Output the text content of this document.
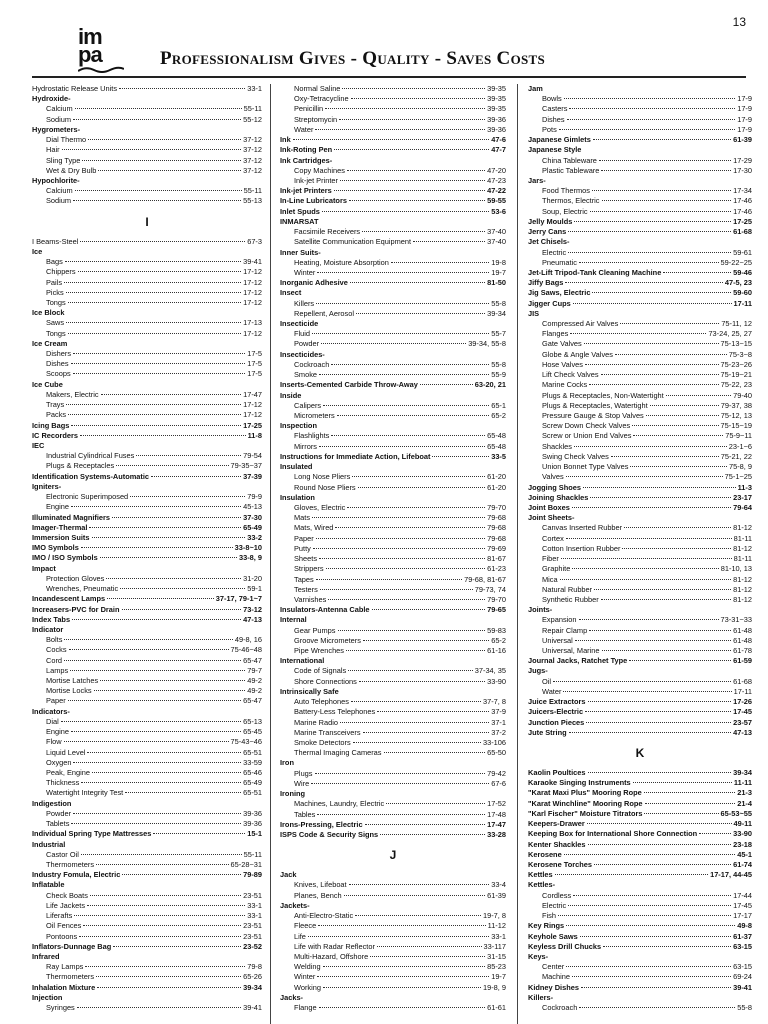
13
im
pa	Professionalism Gives - Quality - Saves Costs
Hydrostatic Release Units	33-1
Hydroxide-
Calcium	55-11
Sodium	55-12
Hygrometers-
Dial Thermo	37-12
Hair	37-12
Sling Type	37-12
Wet & Dry Bulb	37-12
Hypochlorite-
Calcium	55-11
Sodium	55-13
I
I Beams-Steel	67-3
Ice
Bags	39-41
Chippers	17-12
Pails	17-12
Picks	17-12
Tongs	17-12
Ice Block
Saws	17-13
Tongs	17-12
Ice Cream
Dishers	17-5
Dishes	17-5
Scoops	17-5
Ice Cube
Makers, Electric	17-47
Trays	17-12
Packs	17-12
Icing Bags	17-25
IC Recorders	11-8
IEC
Industrial Cylindrical Fuses	79-54
Plugs & Receptacles	79-35~37
Identification Systems-Automatic	37-39
Igniters-
Electronic Superimposed	79-9
Engine	45-13
Illuminated Magnifiers	37-30
Imager-Thermal	65-49
Immersion Suits	33-2
IMO Symbols	33-8~10
IMO / ISO Symbols	33-8, 9
Impact
Protection Gloves	31-20
Wrenches, Pneumatic	59-1
Incandescent Lamps	37-17, 79-1~7
Increasers-PVC for Drain	73-12
Index Tabs	47-13
Indicator
Bolts	49-8, 16
Cocks	75-46~48
Cord	65-47
Lamps	79-7
Mortise Latches	49-2
Mortise Locks	49-2
Paper	65-47
Indicators-
Dial	65-13
Engine	65-45
Flow	75-43~46
Liquid Level	65-51
Oxygen	33-59
Peak, Engine	65-46
Thickness	65-49
Watertight Integrity Test	65-51
Indigestion
Powder	39-36
Tablets	39-36
Individual Spring Type Mattresses	15-1
Industrial
Castor Oil	55-11
Thermometers	65-28~31
Industry Fomula, Electric	79-89
Inflatable
Check Boats	23-51
Life Jackets	33-1
Liferafts	33-1
Oil Fences	23-51
Pontoons	23-51
Inflators-Dunnage Bag	23-52
Infrared
Ray Lamps	79-8
Thermometers	65-26
Inhalation Mixture	39-34
Injection
Syringes	39-41
Normal Saline	39-35
Oxy-Tetracycline	39-35
Penicillin	39-35
Streptomycin	39-36
Water	39-36
Ink	47-6
Ink-Roting Pen	47-7
Ink Cartridges-
Copy Machines	47-20
Ink-jet Printer	47-23
Ink-jet Printers	47-22
In-Line Lubricators	59-55
Inlet Spuds	53-6
INMARSAT
Facsimile Receivers	37-40
Satellite Communication Equipment	37-40
Inner Suits-
Heating, Moisture Absorption	19-8
Winter	19-7
Inorganic Adhesive	81-50
Insect
Killers	55-8
Repellent, Aerosol	39-34
Insecticide
Fluid	55-7
Powder	39-34, 55-8
Insecticides-
Cockroach	55-8
Smoke	55-9
Inserts-Cemented Carbide Throw-Away	63-20, 21
Inside
Calipers	65-1
Micrometers	65-2
Inspection
Flashlights	65-48
Mirrors	65-48
Instructions for Immediate Action, Lifeboat	33-5
Insulated
Long Nose Pliers	61-20
Round Nose Pliers	61-20
Insulation
Gloves, Electric	79-70
Mats	79-68
Mats, Wired	79-68
Paper	79-68
Putty	79-69
Sheets	81-67
Strippers	61-23
Tapes	79-68, 81-67
Testers	79-73, 74
Varnishes	79-70
Insulators-Antenna Cable	79-65
Internal
Gear Pumps	59-83
Groove Micrometers	65-2
Pipe Wrenches	61-16
International
Code of Signals	37-34, 35
Shore Connections	33-90
Intrinsically Safe
Auto Telephones	37-7, 8
Battery-Less Telephones	37-9
Marine Radio	37-1
Marine Transceivers	37-2
Smoke Detectors	33-106
Thermal Imaging Cameras	65-50
Iron
Plugs	79-42
Wire	67-6
Ironing
Machines, Laundry, Electric	17-52
Tables	17-48
Irons-Pressing, Electric	17-47
ISPS Code & Security Signs	33-28
J
Jack
Knives, Lifeboat	33-4
Planes, Bench	61-39
Jackets-
Anti-Electro-Static	19-7, 8
Fleece	11-12
Life	33-1
Life with Radar Reflector	33-117
Multi-Hazard, Offshore	31-15
Welding	85-23
Winter	19-7
Working	19-8, 9
Jacks-
Flange	61-61
Jam
Bowls	17-9
Casters	17-9
Dishes	17-9
Pots	17-9
Japanese Gimlets	61-39
Japanese Style
China Tableware	17-29
Plastic Tableware	17-30
Jars-
Food Thermos	17-34
Thermos, Electric	17-46
Soup, Electric	17-46
Jelly Moulds	17-25
Jerry Cans	61-68
Jet Chisels-
Electric	59-61
Pneumatic	59-22~25
Jet-Lift Tripod-Tank Cleaning Machine	59-46
Jiffy Bags	47-5, 23
Jig Saws, Electric	59-60
Jigger Cups	17-11
JIS
Compressed Air Valves	75-11, 12
Flanges	73-24, 25, 27
Gate Valves	75-13~15
Globe & Angle Valves	75-3~8
Hose Valves	75-23~26
Lift Check Valves	75-19~21
Marine Cocks	75-22, 23
Plugs & Receptacles, Non-Watertight	79-40
Plugs & Receptacles, Watertight	79-37, 38
Pressure Gauge & Stop Valves	75-12, 13
Screw Down Check Valves	75-15~19
Screw or Union End Valves	75-9~11
Shackles	23-1~6
Swing Check Valves	75-21, 22
Union Bonnet Type Valves	75-8, 9
Valves	75-1~25
Jogging Shoes	11-3
Joining Shackles	23-17
Joint Boxes	79-64
Joint Sheets-
Canvas Inserted Rubber	81-12
Cortex	81-11
Cotton Insertion Rubber	81-12
Fiber	81-11
Graphite	81-10, 13
Mica	81-12
Natural Rubber	81-12
Synthetic Rubber	81-12
Joints-
Expansion	73-31~33
Repair Clamp	61-48
Universal	61-48
Universal, Marine	61-78
Journal Jacks, Ratchet Type	61-59
Jugs-
Oil	61-68
Water	17-11
Juice Extractors	17-26
Juicers-Electric	17-45
Junction Pieces	23-57
Jute String	47-13
K
Kaolin Poultices	39-34
Karaoke Singing Instruments	11-11
"Karat Maxi Plus" Mooring Rope	21-3
"Karat Winchline" Mooring Rope	21-4
"Karl Fischer" Moisture Titrators	65-53~55
Keepers-Drawer	49-11
Keeping Box for International Shore Connection	33-90
Kenter Shackles	23-18
Kerosene	45-1
Kerosene Torches	61-74
Kettles	17-17, 44-45
Kettles-
Cordless	17-44
Electric	17-45
Fish	17-17
Key Rings	49-8
Keyhole Saws	61-37
Keyless Drill Chucks	63-15
Keys-
Center	63-15
Machine	69-24
Kidney Dishes	39-41
Killers-
Cockroach	55-8
